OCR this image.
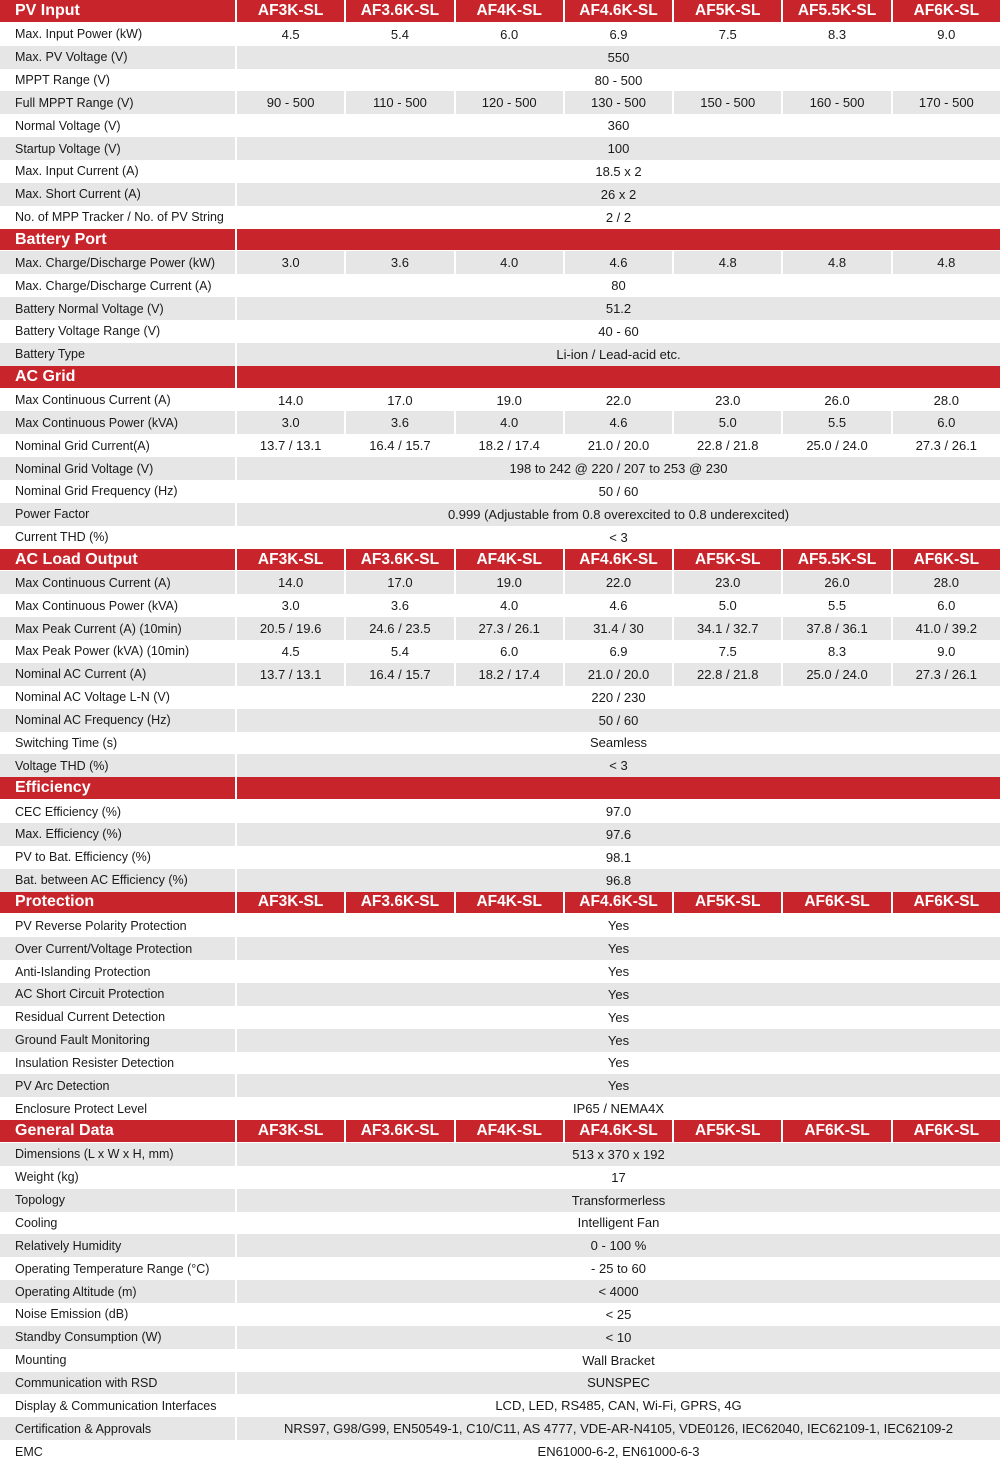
PV Input	AF3K-SL	AF3.6K-SL	AF4K-SL	AF4.6K-SL	AF5K-SL	AF5.5K-SL	AF6K-SL
Max. Input Power (kW)	4.5	5.4	6.0	6.9	7.5	8.3	9.0
Max. PV Voltage (V)	550
MPPT Range (V)	80 - 500
Full MPPT Range (V)	90 - 500	110 - 500	120 - 500	130 - 500	150 - 500	160 - 500	170 - 500
Normal Voltage (V)	360
Startup Voltage (V)	100
Max. Input Current (A)	18.5 x 2
Max. Short Current (A)	26 x 2
No. of MPP Tracker / No. of PV String	2 / 2
Battery Port
Max. Charge/Discharge Power (kW)	3.0	3.6	4.0	4.6	4.8	4.8	4.8
Max. Charge/Discharge Current (A)	80
Battery Normal Voltage (V)	51.2
Battery Voltage Range (V)	40 - 60
Battery Type	Li-ion / Lead-acid etc.
AC Grid
Max Continuous Current (A)	14.0	17.0	19.0	22.0	23.0	26.0	28.0
Max Continuous Power (kVA)	3.0	3.6	4.0	4.6	5.0	5.5	6.0
Nominal Grid Current(A)	13.7 / 13.1	16.4 / 15.7	18.2 / 17.4	21.0 / 20.0	22.8 / 21.8	25.0 / 24.0	27.3 / 26.1
Nominal Grid Voltage (V)	198 to 242 @ 220 / 207 to 253 @ 230
Nominal Grid Frequency (Hz)	50 / 60
Power Factor	0.999 (Adjustable from 0.8 overexcited to 0.8 underexcited)
Current THD (%)	< 3
AC Load Output	AF3K-SL	AF3.6K-SL	AF4K-SL	AF4.6K-SL	AF5K-SL	AF5.5K-SL	AF6K-SL
Max Continuous Current (A)	14.0	17.0	19.0	22.0	23.0	26.0	28.0
Max Continuous Power (kVA)	3.0	3.6	4.0	4.6	5.0	5.5	6.0
Max Peak Current (A) (10min)	20.5 / 19.6	24.6 / 23.5	27.3 / 26.1	31.4 / 30	34.1 / 32.7	37.8 / 36.1	41.0 / 39.2
Max Peak Power (kVA) (10min)	4.5	5.4	6.0	6.9	7.5	8.3	9.0
Nominal AC Current (A)	13.7 / 13.1	16.4 / 15.7	18.2 / 17.4	21.0 / 20.0	22.8 / 21.8	25.0 / 24.0	27.3 / 26.1
Nominal AC Voltage L-N (V)	220 / 230
Nominal AC Frequency (Hz)	50 / 60
Switching Time (s)	Seamless
Voltage THD (%)	< 3
Efficiency
CEC Efficiency (%)	97.0
Max. Efficiency (%)	97.6
PV to Bat. Efficiency (%)	98.1
Bat. between AC Efficiency (%)	96.8
Protection	AF3K-SL	AF3.6K-SL	AF4K-SL	AF4.6K-SL	AF5K-SL	AF6K-SL	AF6K-SL
PV Reverse Polarity Protection	Yes
Over Current/Voltage Protection	Yes
Anti-Islanding Protection	Yes
AC Short Circuit Protection	Yes
Residual Current Detection	Yes
Ground Fault Monitoring	Yes
Insulation Resister Detection	Yes
PV Arc Detection	Yes
Enclosure Protect Level	IP65 / NEMA4X
General Data	AF3K-SL	AF3.6K-SL	AF4K-SL	AF4.6K-SL	AF5K-SL	AF6K-SL	AF6K-SL
Dimensions (L x W x H, mm)	513 x 370 x 192
Weight (kg)	17
Topology	Transformerless
Cooling	Intelligent Fan
Relatively Humidity	0 - 100 %
Operating Temperature Range (°C)	- 25 to 60
Operating Altitude (m)	< 4000
Noise Emission (dB)	< 25
Standby Consumption (W)	< 10
Mounting	Wall Bracket
Communication with RSD	SUNSPEC
Display & Communication Interfaces	LCD, LED, RS485, CAN, Wi-Fi, GPRS, 4G
Certification & Approvals	NRS97, G98/G99, EN50549-1, C10/C11, AS 4777, VDE-AR-N4105, VDE0126, IEC62040, IEC62109-1, IEC62109-2
EMC	EN61000-6-2, EN61000-6-3
